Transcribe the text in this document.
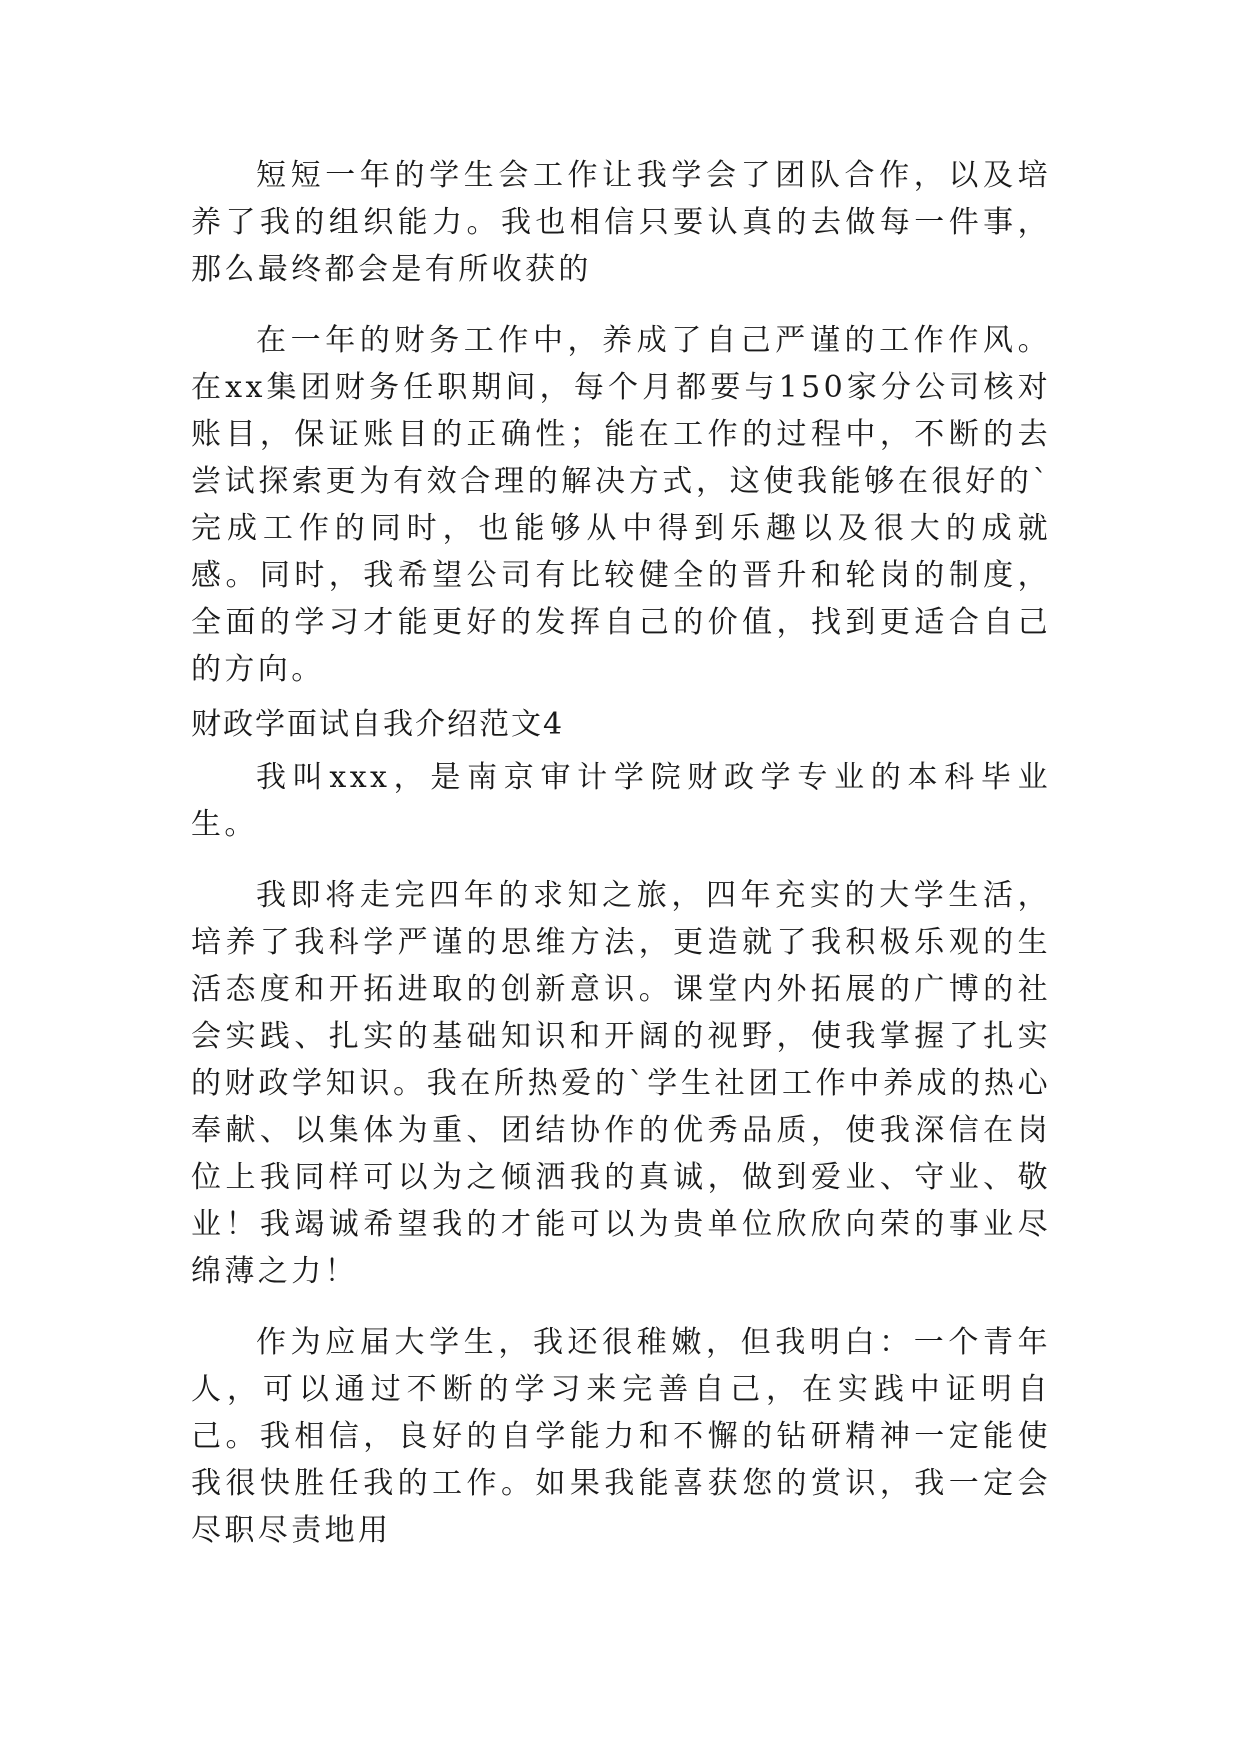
短短一年的学生会工作让我学会了团队合作，以及培养了我的组织能力。我也相信只要认真的去做每一件事，那么最终都会是有所收获的

在一年的财务工作中，养成了自己严谨的工作作风。在xx集团财务任职期间，每个月都要与150家分公司核对账目，保证账目的正确性；能在工作的过程中，不断的去尝试探索更为有效合理的解决方式，这使我能够在很好的`完成工作的同时，也能够从中得到乐趣以及很大的成就感。同时，我希望公司有比较健全的晋升和轮岗的制度，全面的学习才能更好的发挥自己的价值，找到更适合自己的方向。

财政学面试自我介绍范文4

我叫xxx，是南京审计学院财政学专业的本科毕业生。

我即将走完四年的求知之旅，四年充实的大学生活，培养了我科学严谨的思维方法，更造就了我积极乐观的生活态度和开拓进取的创新意识。课堂内外拓展的广博的社会实践、扎实的基础知识和开阔的视野，使我掌握了扎实的财政学知识。我在所热爱的`学生社团工作中养成的热心奉献、以集体为重、团结协作的优秀品质，使我深信在岗位上我同样可以为之倾洒我的真诚，做到爱业、守业、敬业！我竭诚希望我的才能可以为贵单位欣欣向荣的事业尽绵薄之力！

作为应届大学生，我还很稚嫩，但我明白：一个青年人，可以通过不断的学习来完善自己，在实践中证明自己。我相信，良好的自学能力和不懈的钻研精神一定能使我很快胜任我的工作。如果我能喜获您的赏识，我一定会尽职尽责地用
